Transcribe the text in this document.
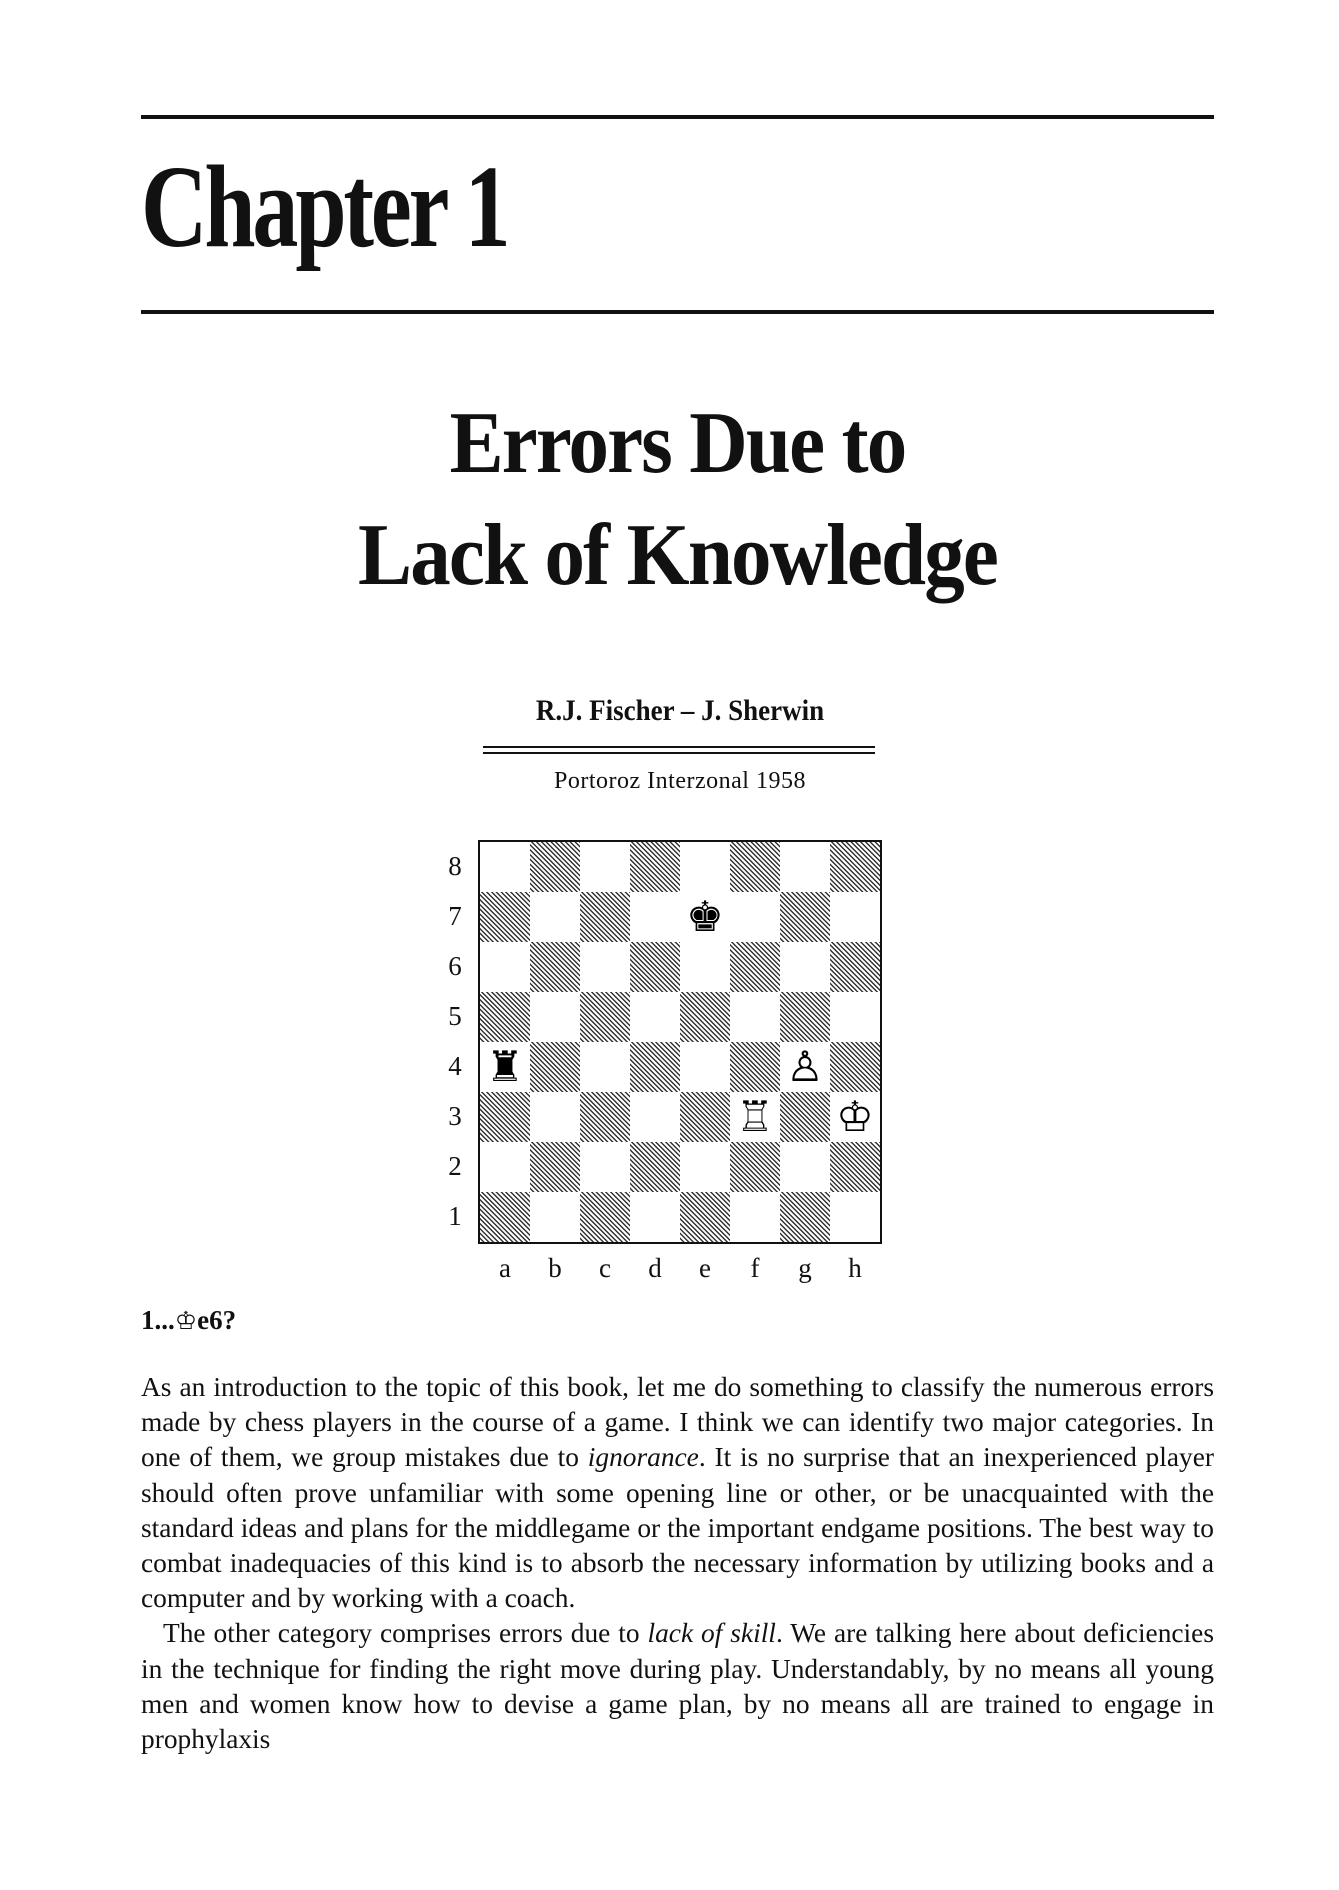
Chapter 1
Errors Due to
Lack of Knowledge
R.J. Fischer – J. Sherwin
Portoroz Interzonal 1958
♚
♜	♙
♖ ♔
8
7
6
5
4
3
2
1
a	b	c	d	e	f	g	h
1...♔e6?

As an introduction to the topic of this book, let me do something to classify the numerous errors made by chess players in the course of a game. I think we can identify two major categories. In one of them, we group mistakes due to ignorance. It is no surprise that an inexperienced player should often prove unfamiliar with some opening line or other, or be unacquainted with the standard ideas and plans for the middlegame or the important endgame positions. The best way to combat inadequacies of this kind is to absorb the necessary information by utilizing books and a computer and by working with a coach.

The other category comprises errors due to lack of skill. We are talking here about deficiencies in the technique for finding the right move during play. Understandably, by no means all young men and women know how to devise a game plan, by no means all are trained to engage in prophylaxis
